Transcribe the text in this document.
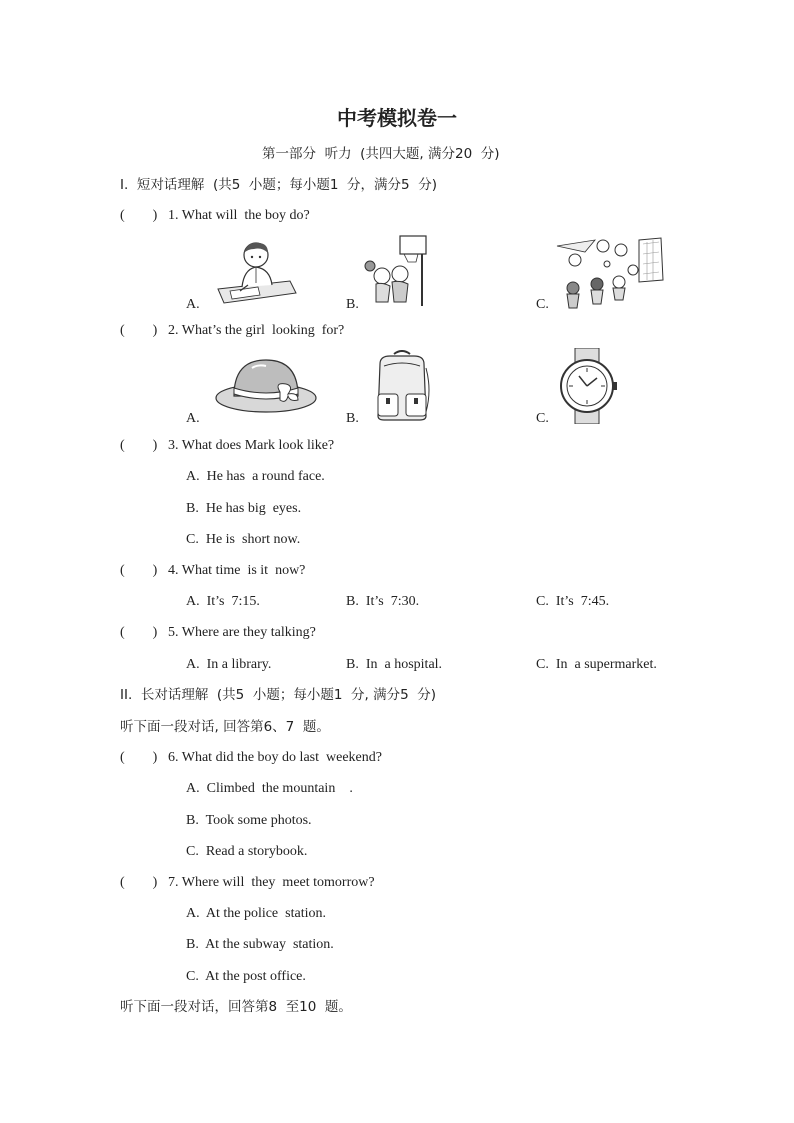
中考模拟卷一
第一部分  听力  (共四大题, 满分20  分)
I.  短对话理解  (共5  小题；每小题1  分，满分5  分)
(        ) 1. What will  the boy do?
A.	B.	C.
(        ) 2. What’s the girl  looking  for?
A.	B.	C.
(        ) 3. What does Mark look like?
A.  He has  a round face.
B.  He has big  eyes.
C.  He is  short now.
(        ) 4. What time  is it  now?
A.  It’s  7:15.	B.  It’s  7:30.	C.  It’s  7:45.
(        ) 5. Where are they talking?
A.  In a library.	B.  In  a hospital.	C.  In  a supermarket.
II.  长对话理解  (共5  小题；每小题1  分, 满分5  分)
听下面一段对话, 回答第6、7  题。
(        ) 6. What did the boy do last  weekend?
A.  Climbed  the mountain    .
B.  Took some photos.
C.  Read a storybook.
(        ) 7. Where will  they  meet tomorrow?
A.  At the police  station.
B.  At the subway  station.
C.  At the post office.
听下面一段对话，回答第8  至10  题。
